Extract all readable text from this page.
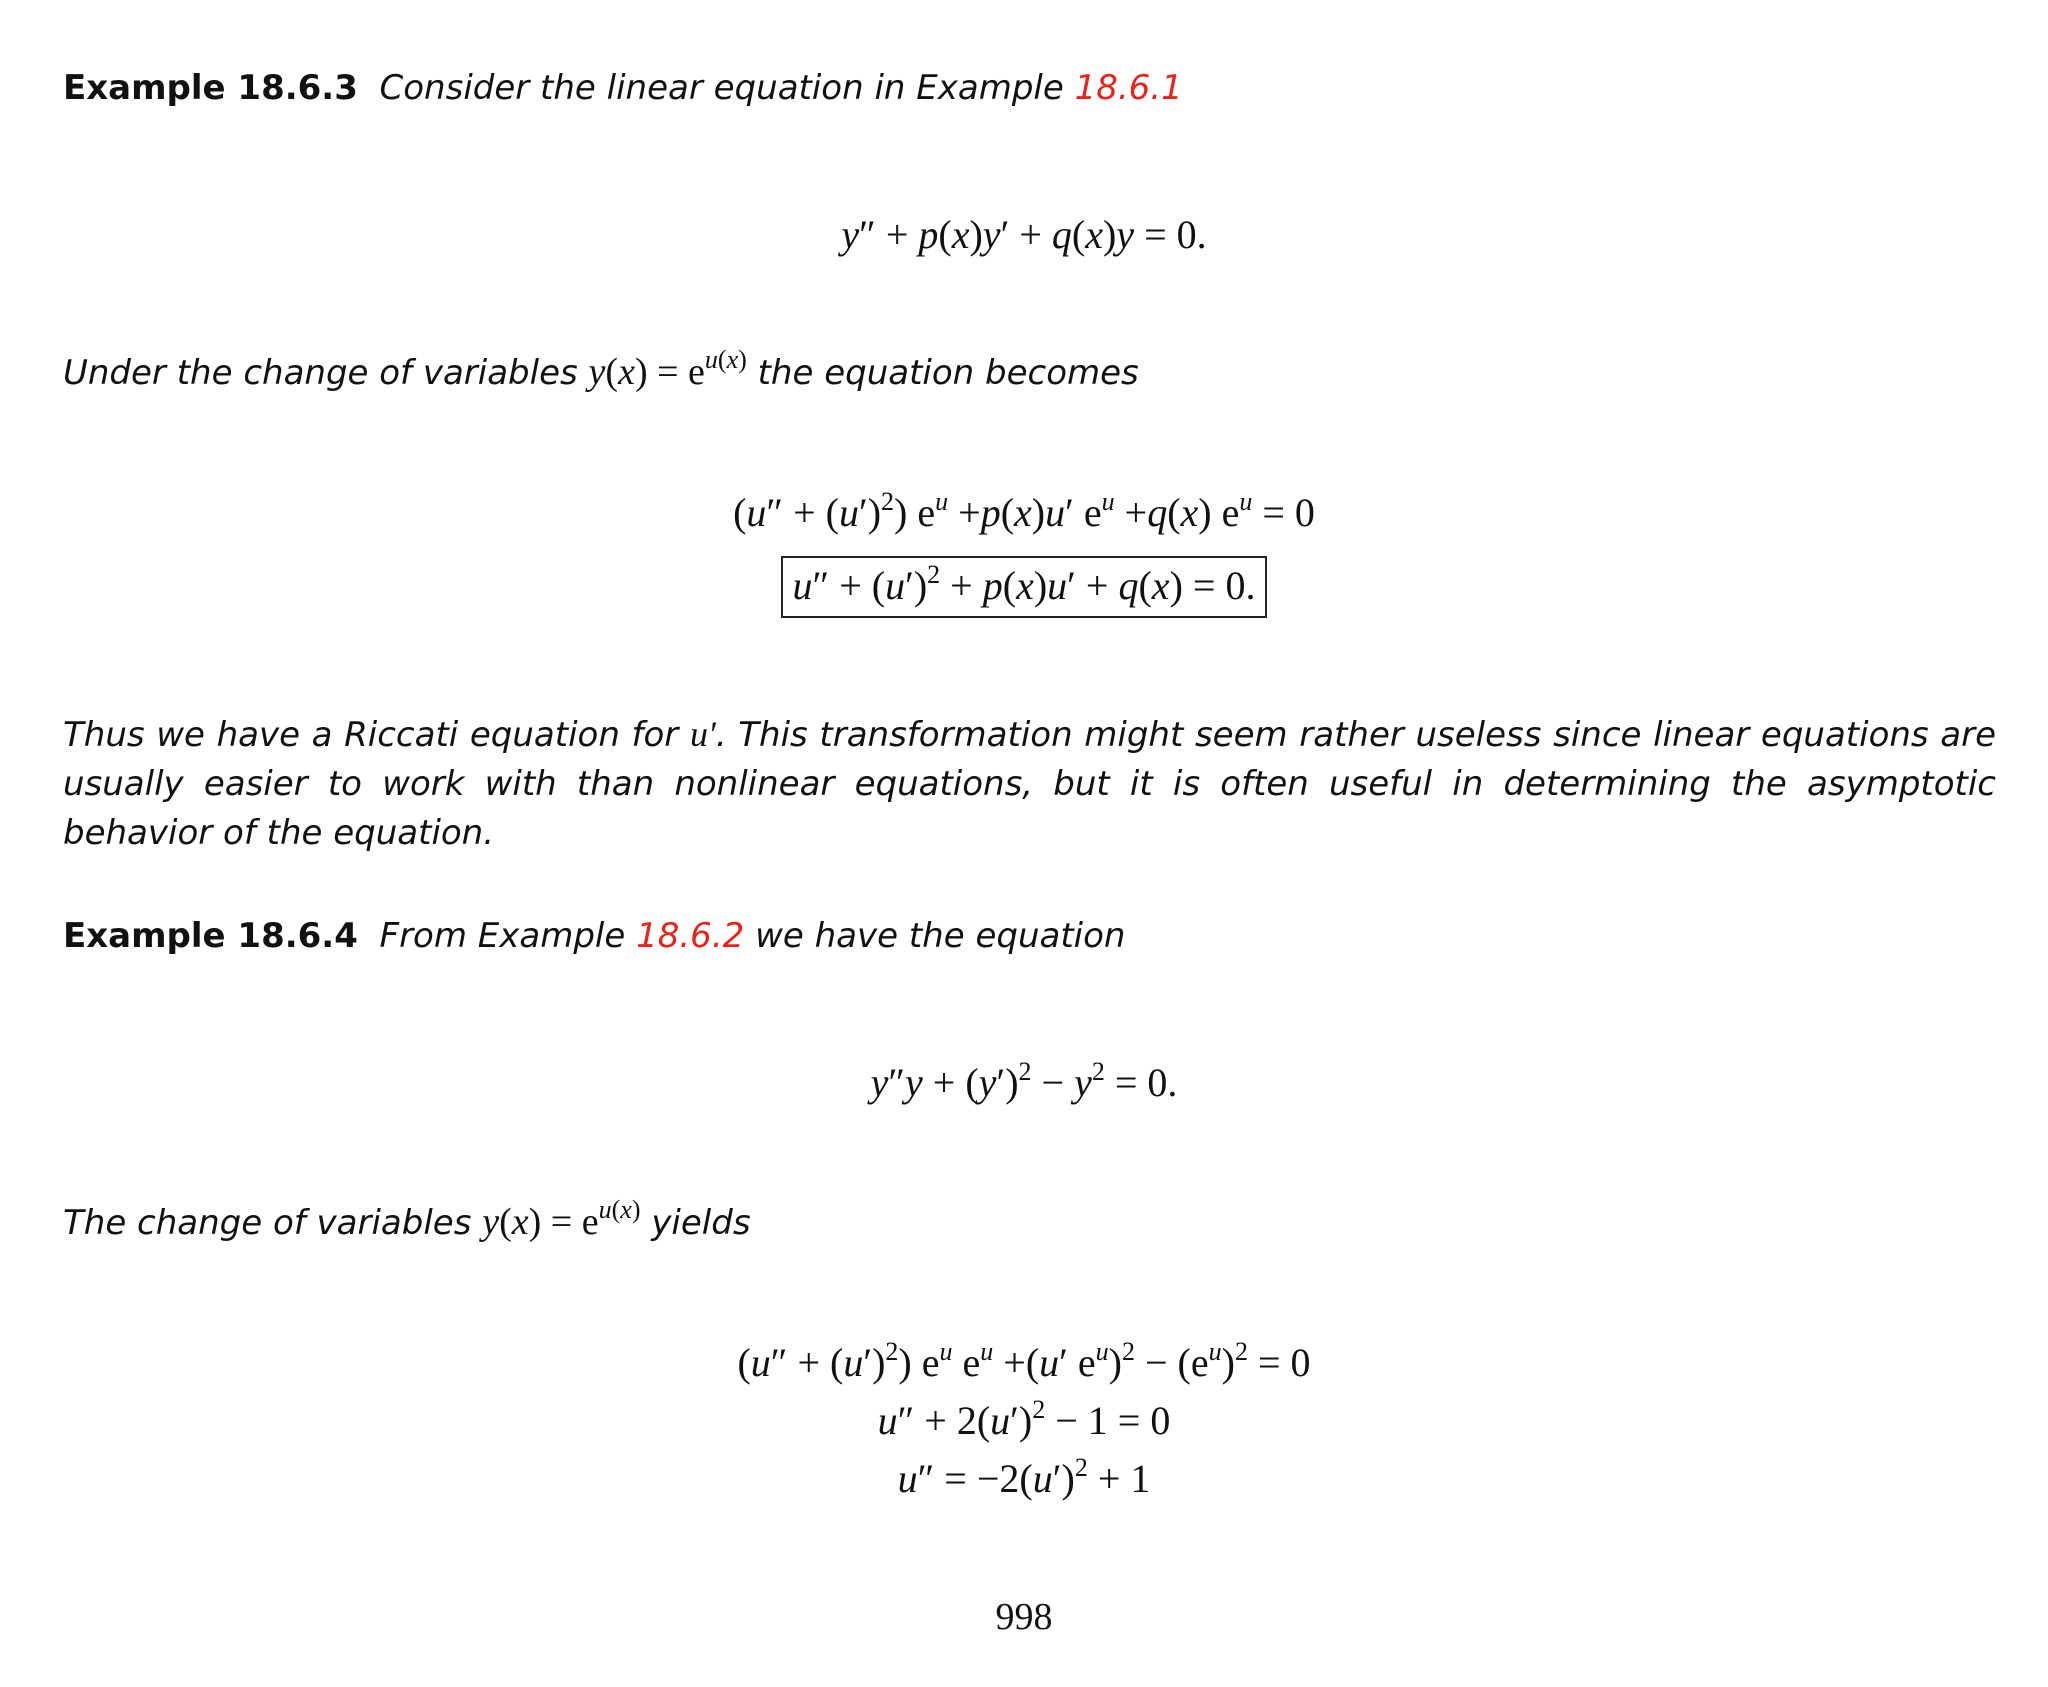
Example 18.6.3 Consider the linear equation in Example 18.6.1
y″ + p(x)y′ + q(x)y = 0.
Under the change of variables $y(x) = e^{u(x)}$ the equation becomes
$(u'' + (u')^2)$ $e^u +p(x)u'$ $e^u +q(x) e^u = 0$
$u'' + (u')^2 + p(x)u' + q(x) = 0$.
Thus we have a Riccati equation for u′. This transformation might seem rather useless since linear equations are usually easier to work with than nonlinear equations, but it is often useful in determining the asymptotic behavior of the equation.
Example 18.6.4 From Example 18.6.2 we have the equation
$y''y + (y')^2 - y^2 = 0$.
The change of variables $y(x) = e^{u(x)}$ yields
$(u'' + (u')^2)$ $e^u$ $e^u +(u'$ $e^u)^2 - (e^u)^2 = 0$
$u'' + 2(u')^2 - 1 = 0$
$u'' = -2(u')^2 + 1$
998
